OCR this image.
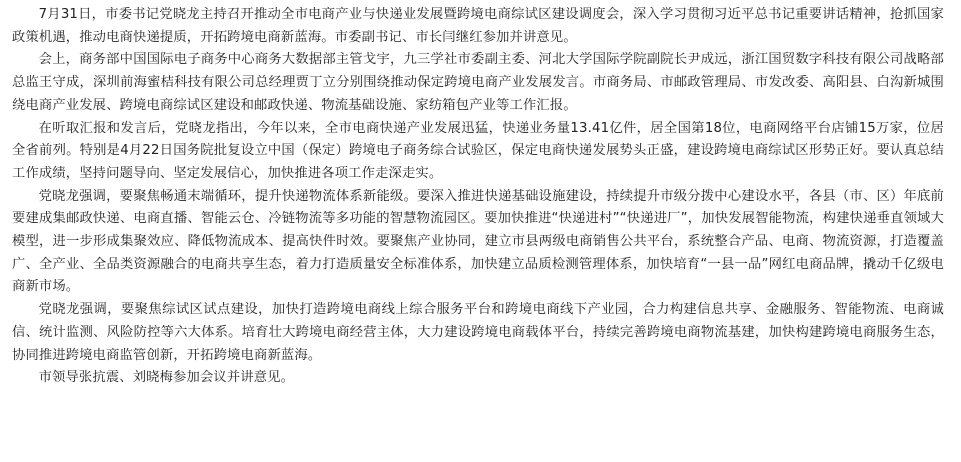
7月31日，市委书记党晓龙主持召开推动全市电商产业与快递业发展暨跨境电商综试区建设调度会，深入学习贯彻习近平总书记重要讲话精神，抢抓国家政策机遇，推动电商快递提质，开拓跨境电商新蓝海。市委副书记、市长闫继红参加并讲意见。

会上，商务部中国国际电子商务中心商务大数据部主管戈宇，九三学社市委副主委、河北大学国际学院副院长尹成远，浙江国贸数字科技有限公司战略部总监王守成，深圳前海蜜桔科技有限公司总经理贾丁立分别围绕推动保定跨境电商产业发展发言。市商务局、市邮政管理局、市发改委、高阳县、白沟新城围绕电商产业发展、跨境电商综试区建设和邮政快递、物流基础设施、家纺箱包产业等工作汇报。

在听取汇报和发言后，党晓龙指出，今年以来，全市电商快递产业发展迅猛，快递业务量13.41亿件，居全国第18位，电商网络平台店铺15万家，位居全省前列。特别是4月22日国务院批复设立中国（保定）跨境电子商务综合试验区，保定电商快递发展势头正盛，建设跨境电商综试区形势正好。要认真总结工作成绩，坚持问题导向、坚定发展信心，加快推进各项工作走深走实。

党晓龙强调，要聚焦畅通末端循环，提升快递物流体系新能级。要深入推进快递基础设施建设，持续提升市级分拨中心建设水平，各县（市、区）年底前要建成集邮政快递、电商直播、智能云仓、冷链物流等多功能的智慧物流园区。要加快推进“快递进村”“快递进厂”，加快发展智能物流，构建快递垂直领域大模型，进一步形成集聚效应、降低物流成本、提高快件时效。要聚焦产业协同，建立市县两级电商销售公共平台，系统整合产品、电商、物流资源，打造覆盖广、全产业、全品类资源融合的电商共享生态，着力打造质量安全标准体系，加快建立品质检测管理体系，加快培育“一县一品”网红电商品牌，撬动千亿级电商新市场。

党晓龙强调，要聚焦综试区试点建设，加快打造跨境电商线上综合服务平台和跨境电商线下产业园，合力构建信息共享、金融服务、智能物流、电商诚信、统计监测、风险防控等六大体系。培育壮大跨境电商经营主体，大力建设跨境电商载体平台，持续完善跨境电商物流基建，加快构建跨境电商服务生态，协同推进跨境电商监管创新，开拓跨境电商新蓝海。

市领导张抗震、刘晓梅参加会议并讲意见。
